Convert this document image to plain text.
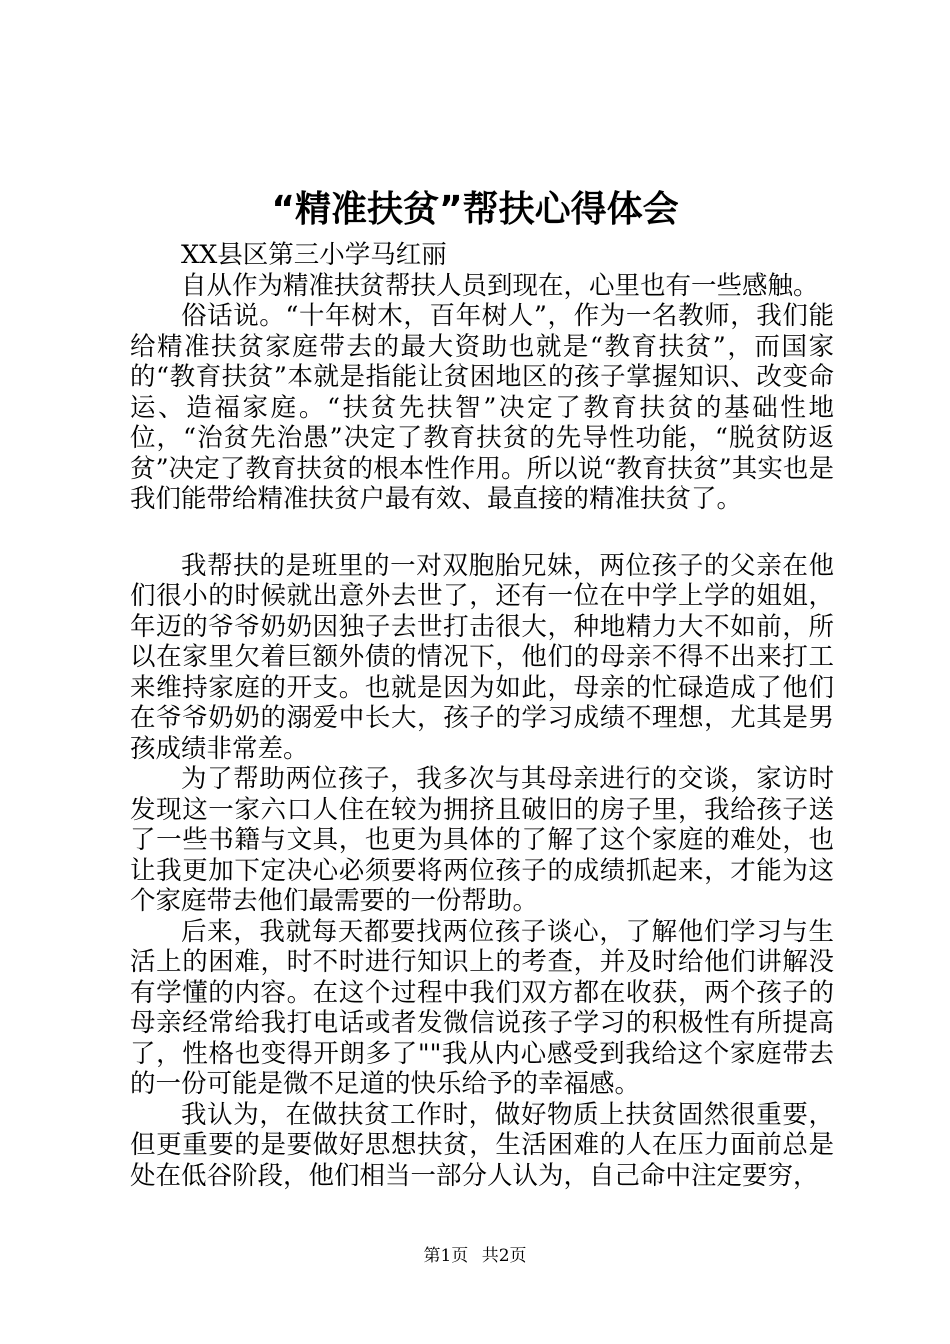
“精准扶贫”帮扶心得体会

XX县区第三小学马红丽

自从作为精准扶贫帮扶人员到现在，心里也有一些感触。

俗话说。“十年树木，百年树人”，作为一名教师，我们能给精准扶贫家庭带去的最大资助也就是“教育扶贫”，而国家的“教育扶贫”本就是指能让贫困地区的孩子掌握知识、改变命运、造福家庭。“扶贫先扶智”决定了教育扶贫的基础性地位，“治贫先治愚”决定了教育扶贫的先导性功能，“脱贫防返贫”决定了教育扶贫的根本性作用。所以说“教育扶贫”其实也是我们能带给精准扶贫户最有效、最直接的精准扶贫了。

我帮扶的是班里的一对双胞胎兄妹，两位孩子的父亲在他们很小的时候就出意外去世了，还有一位在中学上学的姐姐，年迈的爷爷奶奶因独子去世打击很大，种地精力大不如前，所以在家里欠着巨额外债的情况下，他们的母亲不得不出来打工来维持家庭的开支。也就是因为如此，母亲的忙碌造成了他们在爷爷奶奶的溺爱中长大，孩子的学习成绩不理想，尤其是男孩成绩非常差。

为了帮助两位孩子，我多次与其母亲进行的交谈，家访时发现这一家六口人住在较为拥挤且破旧的房子里，我给孩子送了一些书籍与文具，也更为具体的了解了这个家庭的难处，也让我更加下定决心必须要将两位孩子的成绩抓起来，才能为这个家庭带去他们最需要的一份帮助。

后来，我就每天都要找两位孩子谈心，了解他们学习与生活上的困难，时不时进行知识上的考查，并及时给他们讲解没有学懂的内容。在这个过程中我们双方都在收获，两个孩子的母亲经常给我打电话或者发微信说孩子学习的积极性有所提高了，性格也变得开朗多了""我从内心感受到我给这个家庭带去的一份可能是微不足道的快乐给予的幸福感。

我认为，在做扶贫工作时，做好物质上扶贫固然很重要，但更重要的是要做好思想扶贫，生活困难的人在压力面前总是处在低谷阶段，他们相当一部分人认为，自己命中注定要穷，

第1页 共2页
